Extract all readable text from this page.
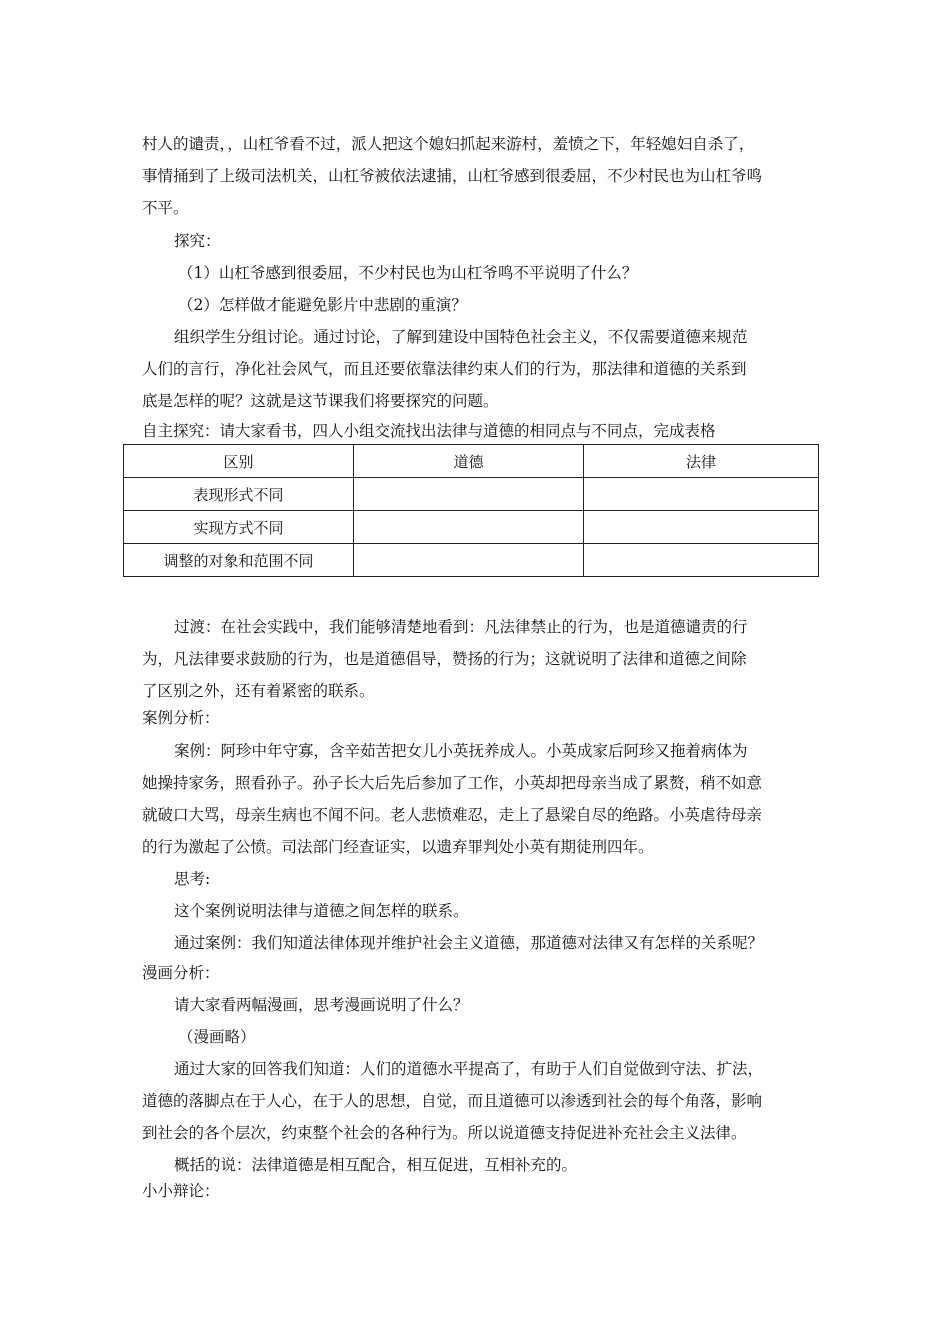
村人的谴责，，山杠爷看不过，派人把这个媳妇抓起来游村，羞愤之下，年轻媳妇自杀了，
事情捅到了上级司法机关，山杠爷被依法逮捕，山杠爷感到很委屈，不少村民也为山杠爷鸣
不平。
探究：
（1）山杠爷感到很委屈，不少村民也为山杠爷鸣不平说明了什么？
（2）怎样做才能避免影片中悲剧的重演？
组织学生分组讨论。通过讨论，了解到建设中国特色社会主义，不仅需要道德来规范
人们的言行，净化社会风气，而且还要依靠法律约束人们的行为，那法律和道德的关系到
底是怎样的呢？这就是这节课我们将要探究的问题。
自主探究：请大家看书，四人小组交流找出法律与道德的相同点与不同点，完成表格
区别	道德	法律
表现形式不同		
实现方式不同		
调整的对象和范围不同		
过渡：在社会实践中，我们能够清楚地看到：凡法律禁止的行为，也是道德谴责的行
为，凡法律要求鼓励的行为，也是道德倡导，赞扬的行为；这就说明了法律和道德之间除
了区别之外，还有着紧密的联系。
案例分析：
案例：阿珍中年守寡，含辛茹苦把女儿小英抚养成人。小英成家后阿珍又拖着病体为
她操持家务，照看孙子。孙子长大后先后参加了工作，小英却把母亲当成了累赘，稍不如意
就破口大骂，母亲生病也不闻不问。老人悲愤难忍，走上了悬梁自尽的绝路。小英虐待母亲
的行为激起了公愤。司法部门经查证实，以遗弃罪判处小英有期徒刑四年。
思考:
这个案例说明法律与道德之间怎样的联系。
通过案例：我们知道法律体现并维护社会主义道德，那道德对法律又有怎样的关系呢？
漫画分析：
请大家看两幅漫画，思考漫画说明了什么？
（漫画略）
通过大家的回答我们知道：人们的道德水平提高了，有助于人们自觉做到守法、扩法，
道德的落脚点在于人心，在于人的思想，自觉，而且道德可以渗透到社会的每个角落，影响
到社会的各个层次，约束整个社会的各种行为。所以说道德支持促进补充社会主义法律。
概括的说：法律道德是相互配合，相互促进，互相补充的。
小小辩论：
